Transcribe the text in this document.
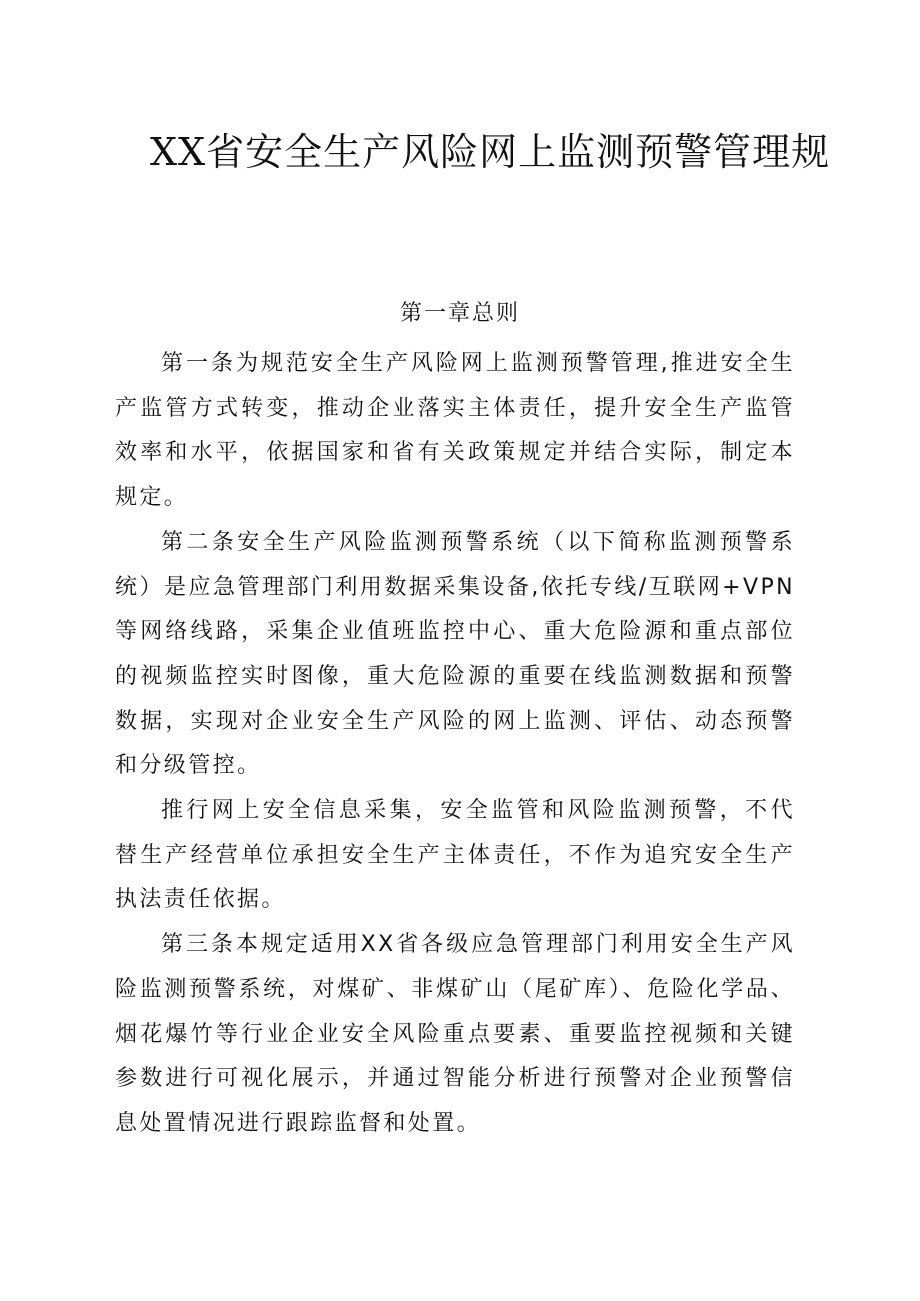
XX省安全生产风险网上监测预警管理规
第一章总则

第一条为规范安全生产风险网上监测预警管理,推进安全生产监管方式转变，推动企业落实主体责任，提升安全生产监管效率和水平，依据国家和省有关政策规定并结合实际，制定本规定。

第二条安全生产风险监测预警系统（以下简称监测预警系统）是应急管理部门利用数据采集设备,依托专线/互联网+VPN等网络线路，采集企业值班监控中心、重大危险源和重点部位的视频监控实时图像，重大危险源的重要在线监测数据和预警数据，实现对企业安全生产风险的网上监测、评估、动态预警和分级管控。

推行网上安全信息采集，安全监管和风险监测预警，不代替生产经营单位承担安全生产主体责任，不作为追究安全生产执法责任依据。

第三条本规定适用XX省各级应急管理部门利用安全生产风险监测预警系统，对煤矿、非煤矿山（尾矿库）、危险化学品、烟花爆竹等行业企业安全风险重点要素、重要监控视频和关键参数进行可视化展示，并通过智能分析进行预警对企业预警信息处置情况进行跟踪监督和处置。
